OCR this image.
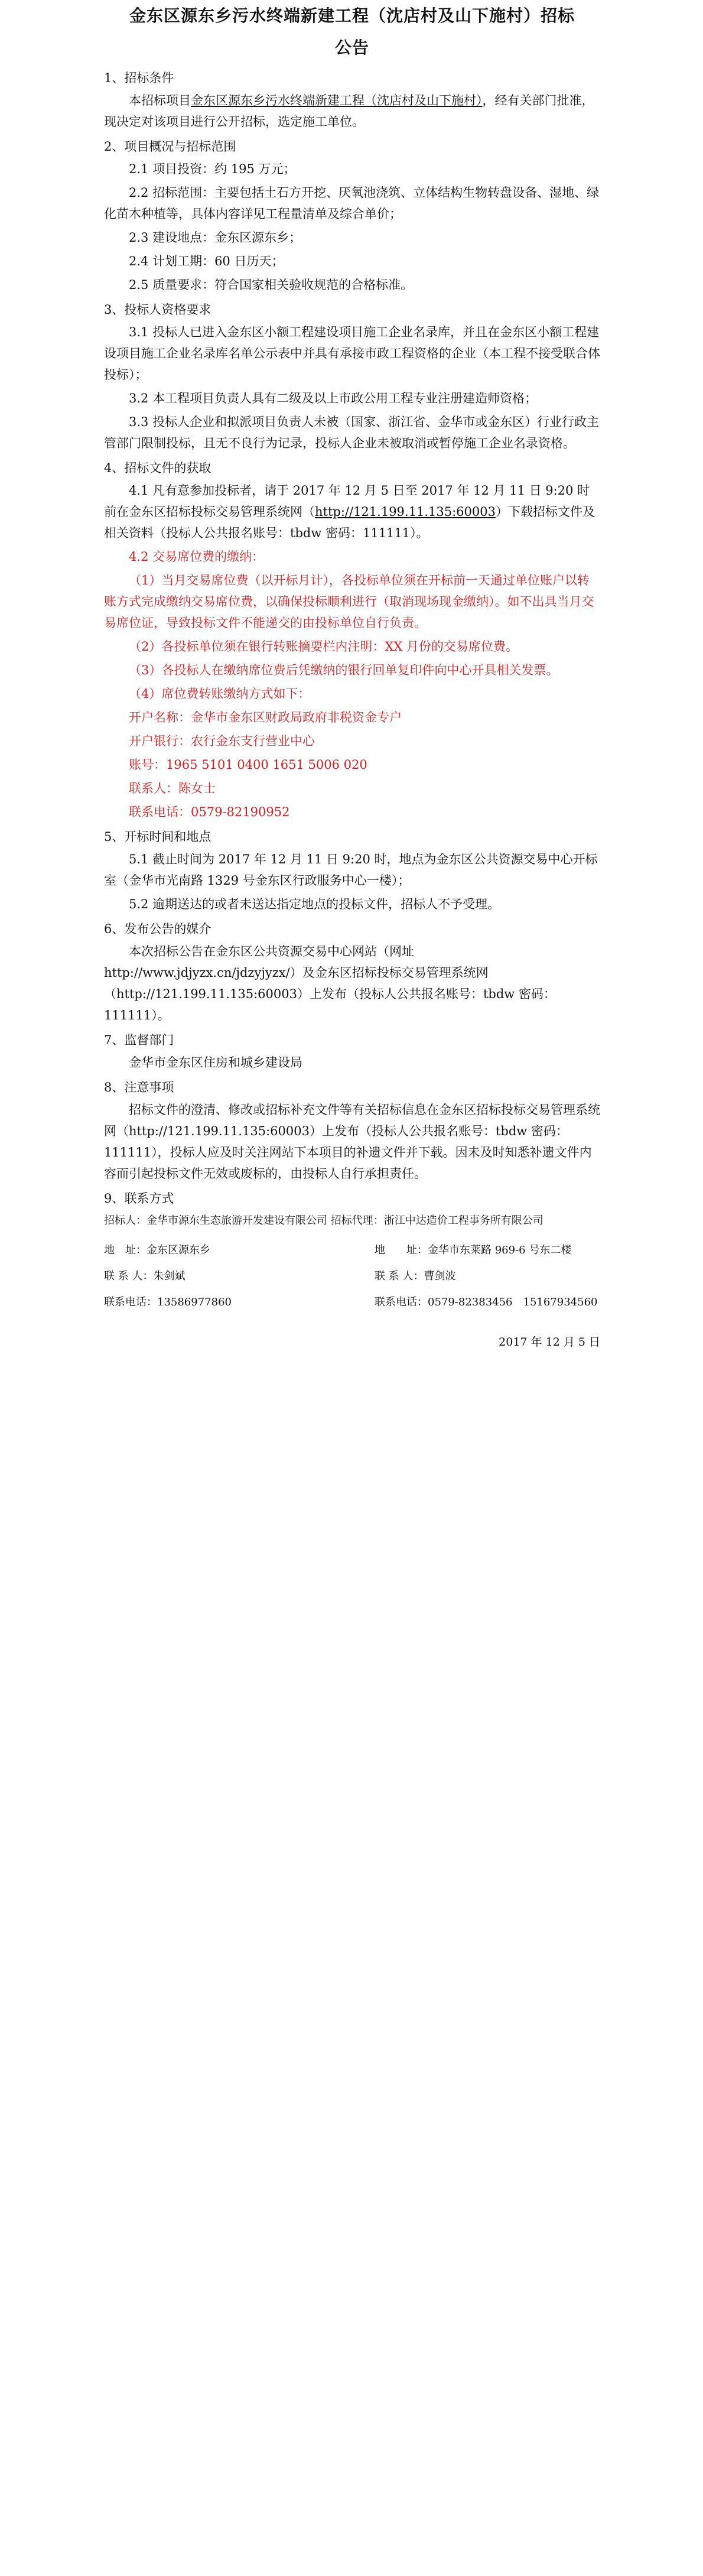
金东区源东乡污水终端新建工程（沈店村及山下施村）招标
公告
1、招标条件

本招标项目金东区源东乡污水终端新建工程（沈店村及山下施村），经有关部门批准，现决定对该项目进行公开招标，选定施工单位。

2、项目概况与招标范围

2.1 项目投资：约 195 万元；

2.2 招标范围：主要包括土石方开挖、厌氧池浇筑、立体结构生物转盘设备、湿地、绿化苗木种植等，具体内容详见工程量清单及综合单价；

2.3 建设地点：金东区源东乡；

2.4 计划工期：60 日历天；

2.5 质量要求：符合国家相关验收规范的合格标准。

3、投标人资格要求

3.1 投标人已进入金东区小额工程建设项目施工企业名录库，并且在金东区小额工程建设项目施工企业名录库名单公示表中并具有承接市政工程资格的企业（本工程不接受联合体投标）；

3.2 本工程项目负责人具有二级及以上市政公用工程专业注册建造师资格；

3.3 投标人企业和拟派项目负责人未被（国家、浙江省、金华市或金东区）行业行政主管部门限制投标，且无不良行为记录，投标人企业未被取消或暂停施工企业名录资格。

4、招标文件的获取

4.1 凡有意参加投标者，请于 2017 年 12 月 5 日至 2017 年 12 月 11 日 9:20 时前在金东区招标投标交易管理系统网（http://121.199.11.135:60003）下载招标文件及相关资料（投标人公共报名账号：tbdw 密码：111111）。

4.2 交易席位费的缴纳：

（1）当月交易席位费（以开标月计），各投标单位须在开标前一天通过单位账户以转账方式完成缴纳交易席位费，以确保投标顺利进行（取消现场现金缴纳）。如不出具当月交易席位证，导致投标文件不能递交的由投标单位自行负责。

（2）各投标单位须在银行转账摘要栏内注明：XX 月份的交易席位费。

（3）各投标人在缴纳席位费后凭缴纳的银行回单复印件向中心开具相关发票。

（4）席位费转账缴纳方式如下：

开户名称：金华市金东区财政局政府非税资金专户

开户银行：农行金东支行营业中心

账号：1965 5101 0400 1651 5006 020

联系人：陈女士

联系电话：0579-82190952

5、开标时间和地点

5.1 截止时间为 2017 年 12 月 11 日 9:20 时，地点为金东区公共资源交易中心开标室（金华市光南路 1329 号金东区行政服务中心一楼）；

5.2 逾期送达的或者未送达指定地点的投标文件，招标人不予受理。

6、发布公告的媒介

本次招标公告在金东区公共资源交易中心网站（网址 http://www.jdjyzx.cn/jdzyjyzx/）及金东区招标投标交易管理系统网（http://121.199.11.135:60003）上发布（投标人公共报名账号：tbdw 密码：111111）。

7、监督部门

金华市金东区住房和城乡建设局

8、注意事项

招标文件的澄清、修改或招标补充文件等有关招标信息在金东区招标投标交易管理系统网（http://121.199.11.135:60003）上发布（投标人公共报名账号：tbdw 密码：111111），投标人应及时关注网站下本项目的补遗文件并下载。因未及时知悉补遗文件内容而引起投标文件无效或废标的，由投标人自行承担责任。

9、联系方式

招标人：金华市源东生态旅游开发建设有限公司 招标代理：浙江中达造价工程事务所有限公司

地　址：金东区源东乡	地　　址：金华市东莱路 969-6 号东二楼
联 系 人：朱剑斌	联 系 人：曹剑波
联系电话：13586977860	联系电话：0579-82383456　15167934560
2017 年 12 月 5 日
